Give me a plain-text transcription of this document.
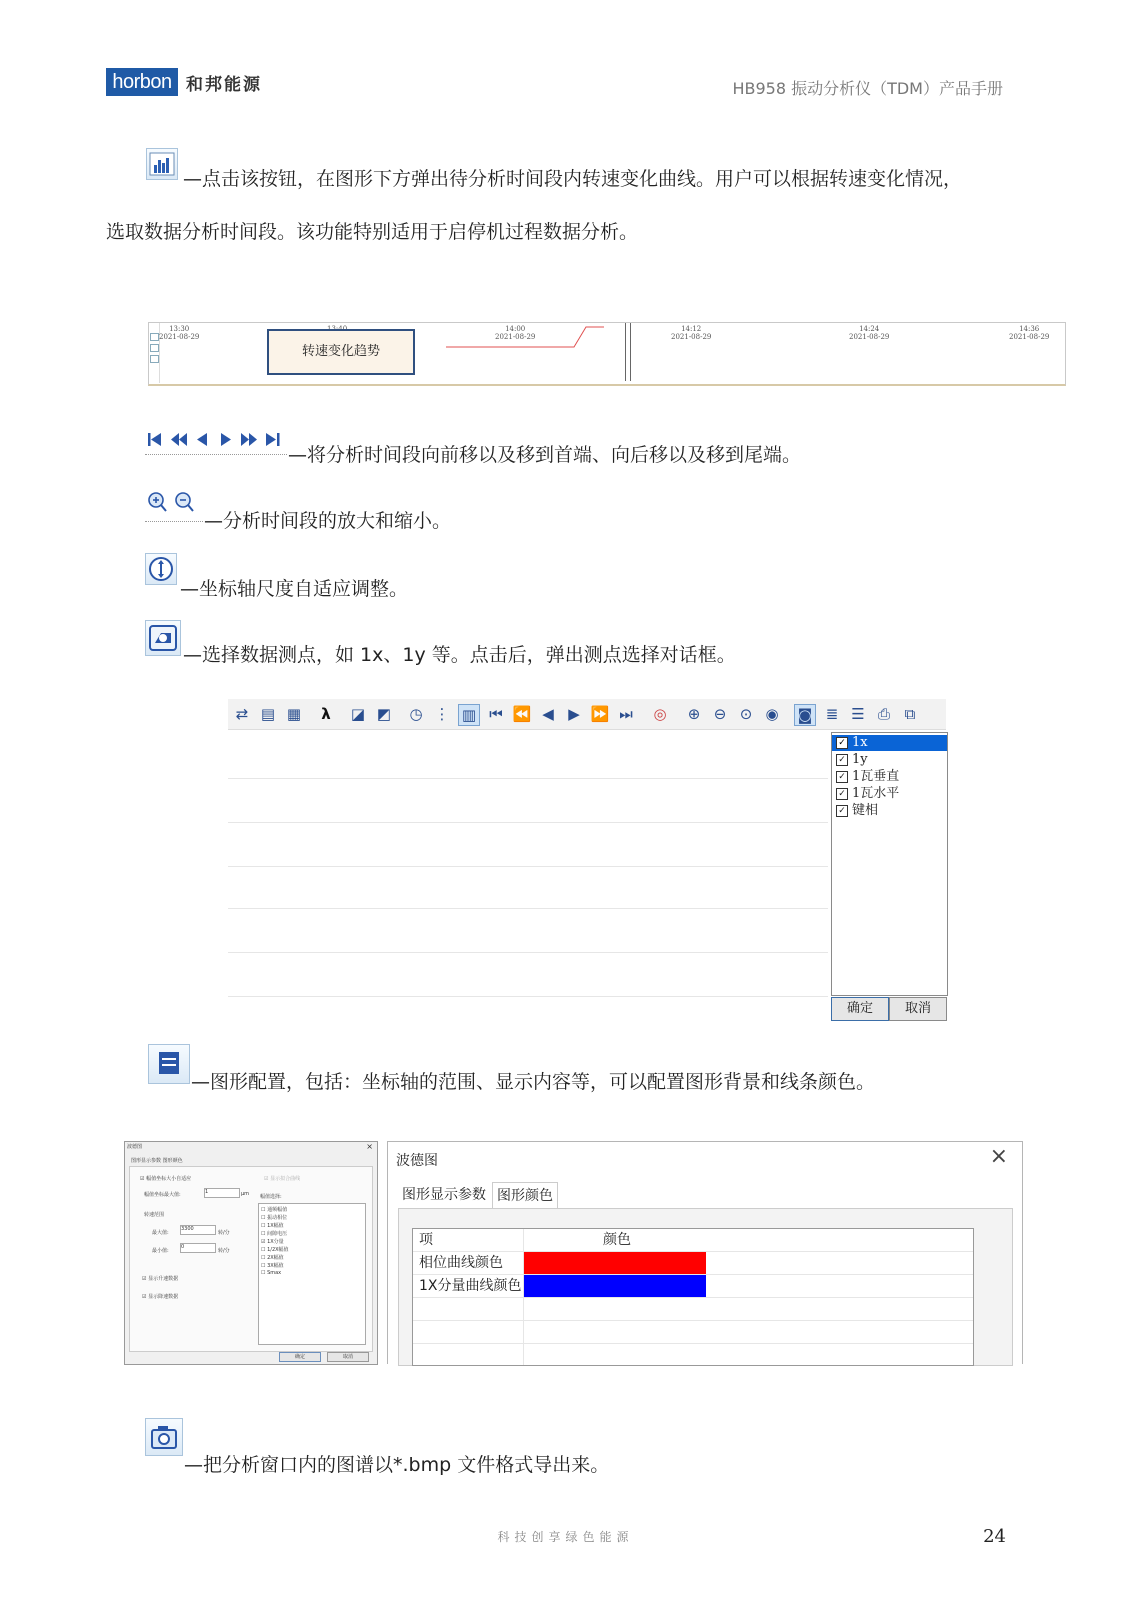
horbon 和邦能源	HB958 振动分析仪（TDM）产品手册
—点击该按钮，在图形下方弹出待分析时间段内转速变化曲线。用户可以根据转速变化情况，
选取数据分析时间段。该功能特别适用于启停机过程数据分析。
13:30
2021-08-29
14:00
2021-08-29
14:12
2021-08-29
14:24
2021-08-29
14:36
2021-08-29
转速变化趋势
—将分析时间段向前移以及移到首端、向后移以及移到尾端。
—分析时间段的放大和缩小。
—坐标轴尺度自适应调整。
—选择数据测点，如 1x、1y 等。点击后，弹出测点选择对话框。
⇄ ▤ ▦	λ	◪ ◩ ◷ ⋮ ▥ ⏮ ⏪ ◀ ▶ ⏩ ⏭ ◎ ⊕ ⊖ ⊙ ◉ ◙ ≣ ☰ ⎙ ⧉
✓ 1x
✓ 1y
✓ 1瓦垂直
✓ 1瓦水平
✓ 键相
确定	取消
—图形配置，包括：坐标轴的范围、显示内容等，可以配置图形背景和线条颜色。
波德图	×
图形显示参数 图形颜色
☑ 幅值坐标大小自适应	☑ 显示拟合曲线
幅值坐标最大值:	1	μm 幅值选择:
转速范围
最大值:
3300
转/分
最小值:
0
转/分
☐ 通频幅值
☐ 振动相位
☐ 1X幅值
☐ 间隙电压
☑ 1X分量
☐ 1/2X幅值
☐ 2X幅值
☐ 3X幅值
☐ Smax
☑ 显示升速数据
☑ 显示降速数据
确定	取消
波德图	×
图形显示参数 图形颜色
项	颜色
相位曲线颜色
1X分量曲线颜色
—把分析窗口内的图谱以*.bmp 文件格式导出来。
科技创享绿色能源	24
